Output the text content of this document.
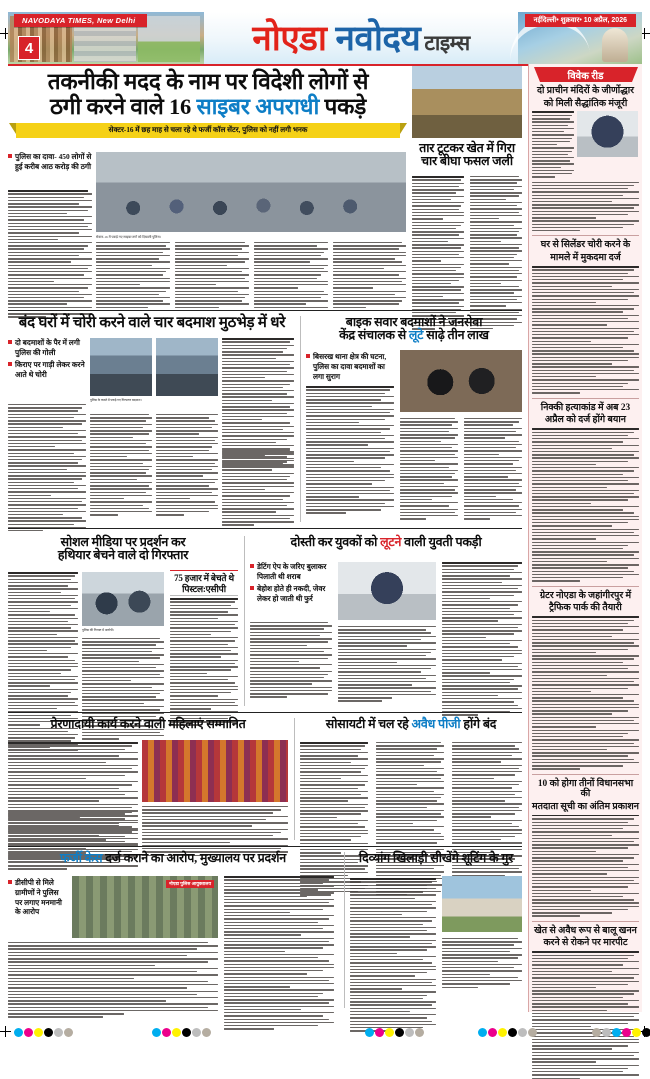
नोएडा नवोदय टाइम्स
NAVODAYA TIMES, New Delhi	नईदिल्ली• शुक्रवार• 10 अप्रैल, 2026
4
तकनीकी मदद के नाम पर विदेशी लोगों से
ठगी करने वाले 16 साइबर अपराधी पकड़े
सेक्टर-16 में छह माह से चला रहे थे फर्जी कॉल सेंटर, पुलिस को नहीं लगी भनक
पुलिस का दावा- 450 लोगों से हुई करीब आठ करोड़ की ठगी
सेक्टर-16 में पकड़े गए साइबर ठगों को दिखाती पुलिस।
तार टूटकर खेत में गिरा
चार बीघा फसल जली
बंद घरों में चोरी करने वाले चार बदमाश मुठभेड़ में धरे
दो बदमाशों के पैर में लगी पुलिस की गोली
किराए पर गाड़ी लेकर करने आते थे चोरी
पुलिस के कब्जे में पकड़े गए गिरफ्तार बदमाश।
बाइक सवार बदमाशों ने जनसेवा
केंद्र संचालक से लूटे साढ़े तीन लाख
बिसरख थाना क्षेत्र की घटना, पुलिस का दावा बदमाशों का लगा सुराग
सोशल मीडिया पर प्रदर्शन कर
हथियार बेचने वाले दो गिरफ्तार
पुलिस की गिरफ्त में आरोपी।
75 हजार में बेचते थे
पिस्टल:एसीपी
दोस्ती कर युवकों को लूटने वाली युवती पकड़ी
डेटिंग ऐप के जरिए बुलाकर पिलाती थी शराब
बेहोश होते ही नकदी, जेवर लेकर हो जाती थी फुर्र
प्रेरणादायी कार्य करने वाली महिलाएं सम्मानित	सोसायटी में चल रहे अवैध पीजी होंगे बंद
फर्जी केस दर्ज कराने का आरोप, मुख्यालय पर प्रदर्शन
डीसीपी से मिले ग्रामीणों ने पुलिस पर लगाए मनमानी के आरोप
नोएडा पुलिस आयुक्तालय
दिव्यांग खिलाड़ी सीखेंगे शूटिंग के गुर
विवेक रीड
दो प्राचीन मंदिरों के जीर्णोद्धार
को मिली सैद्धांतिक मंजूरी
घर से सिलेंडर चोरी करने के
मामले में मुकदमा दर्ज
निक्की हत्याकांड में अब 23
अप्रैल को दर्ज होंगे बयान
ग्रेटर नोएडा के जहांगीरपुर में
ट्रैफिक पार्क की तैयारी
10 को होगा तीनों विधानसभा की
मतदाता सूची का अंतिम प्रकाशन
खेत से अवैध रूप से बालू खनन
करने से रोकने पर मारपीट
